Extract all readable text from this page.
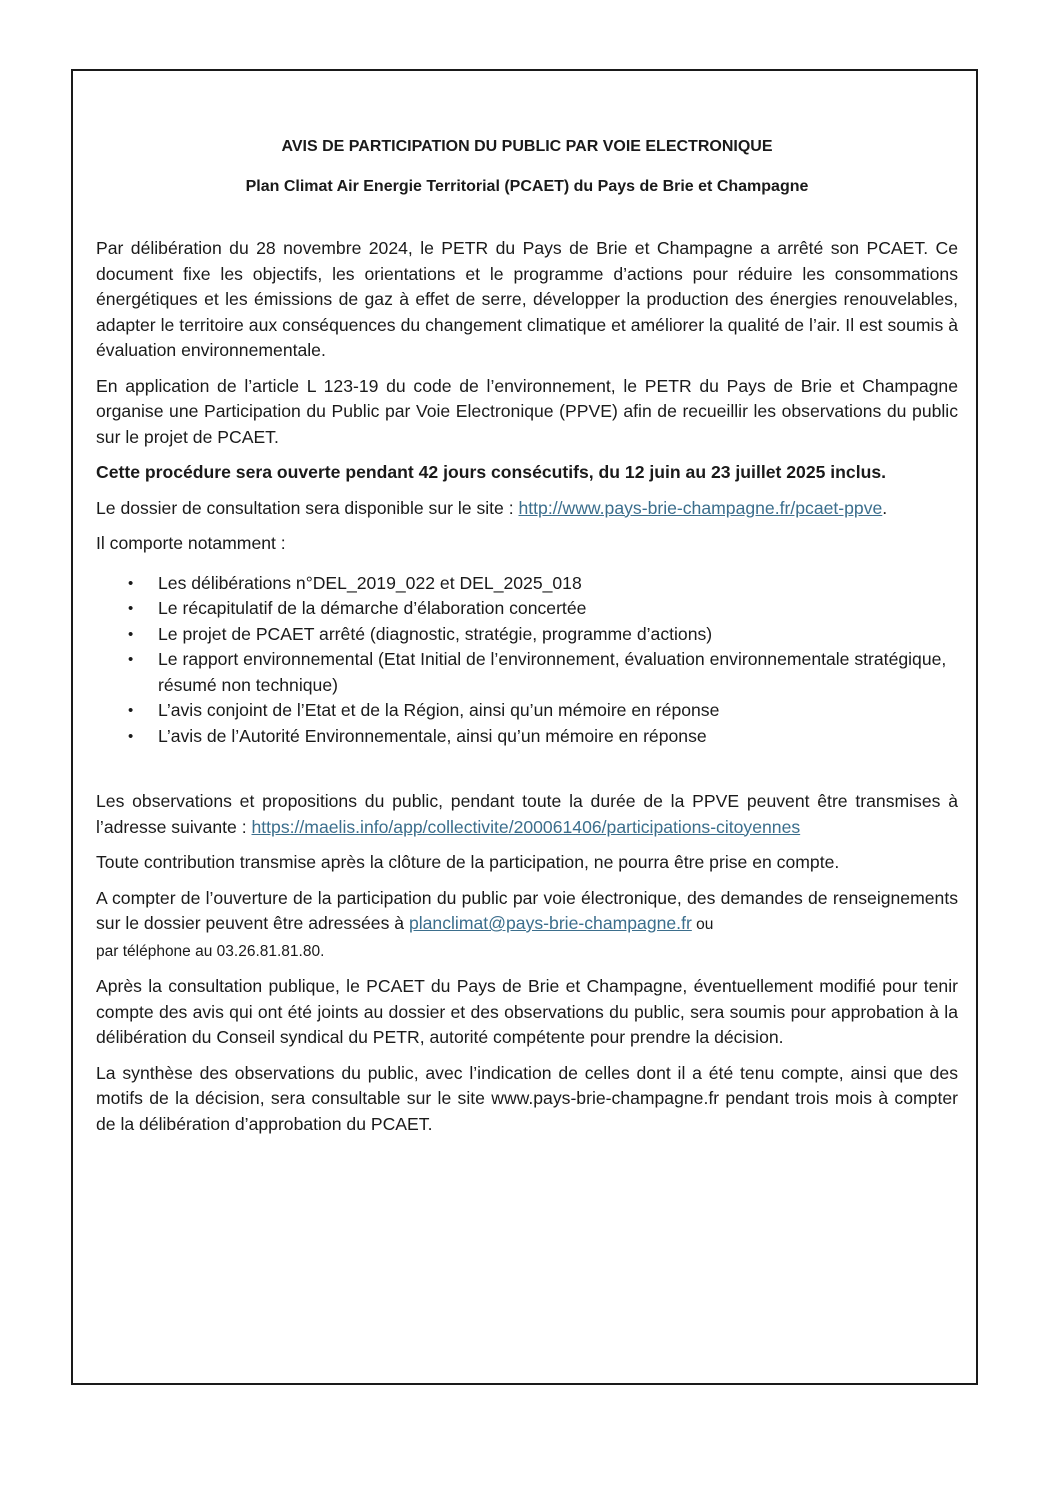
AVIS DE PARTICIPATION DU PUBLIC PAR VOIE ELECTRONIQUE
Plan Climat Air Energie Territorial (PCAET) du Pays de Brie et Champagne

Par délibération du 28 novembre 2024, le PETR du Pays de Brie et Champagne a arrêté son PCAET. Ce document fixe les objectifs, les orientations et le programme d’actions pour réduire les consommations énergétiques et les émissions de gaz à effet de serre, développer la production des énergies renouvelables, adapter le territoire aux conséquences du changement climatique et améliorer la qualité de l’air. Il est soumis à évaluation environnementale.

En application de l’article L 123-19 du code de l’environnement, le PETR du Pays de Brie et Champagne organise une Participation du Public par Voie Electronique (PPVE) afin de recueillir les observations du public sur le projet de PCAET.

Cette procédure sera ouverte pendant 42 jours consécutifs, du 12 juin au 23 juillet 2025 inclus.

Le dossier de consultation sera disponible sur le site : http://www.pays-brie-champagne.fr/pcaet-ppve.

Il comporte notamment :

• Les délibérations n°DEL_2019_022 et DEL_2025_018
• Le récapitulatif de la démarche d’élaboration concertée
• Le projet de PCAET arrêté (diagnostic, stratégie, programme d’actions)
• Le rapport environnemental (Etat Initial de l’environnement, évaluation environnementale stratégique, résumé non technique)
• L’avis conjoint de l’Etat et de la Région, ainsi qu’un mémoire en réponse
• L’avis de l’Autorité Environnementale, ainsi qu’un mémoire en réponse

Les observations et propositions du public, pendant toute la durée de la PPVE peuvent être transmises à l’adresse suivante : https://maelis.info/app/collectivite/200061406/participations-citoyennes

Toute contribution transmise après la clôture de la participation, ne pourra être prise en compte.

A compter de l’ouverture de la participation du public par voie électronique, des demandes de renseignements sur le dossier peuvent être adressées à planclimat@pays-brie-champagne.fr ou
par téléphone au 03.26.81.81.80.

Après la consultation publique, le PCAET du Pays de Brie et Champagne, éventuellement modifié pour tenir compte des avis qui ont été joints au dossier et des observations du public, sera soumis pour approbation à la délibération du Conseil syndical du PETR, autorité compétente pour prendre la décision.

La synthèse des observations du public, avec l’indication de celles dont il a été tenu compte, ainsi que des motifs de la décision, sera consultable sur le site www.pays-brie-champagne.fr pendant trois mois à compter de la délibération d’approbation du PCAET.
